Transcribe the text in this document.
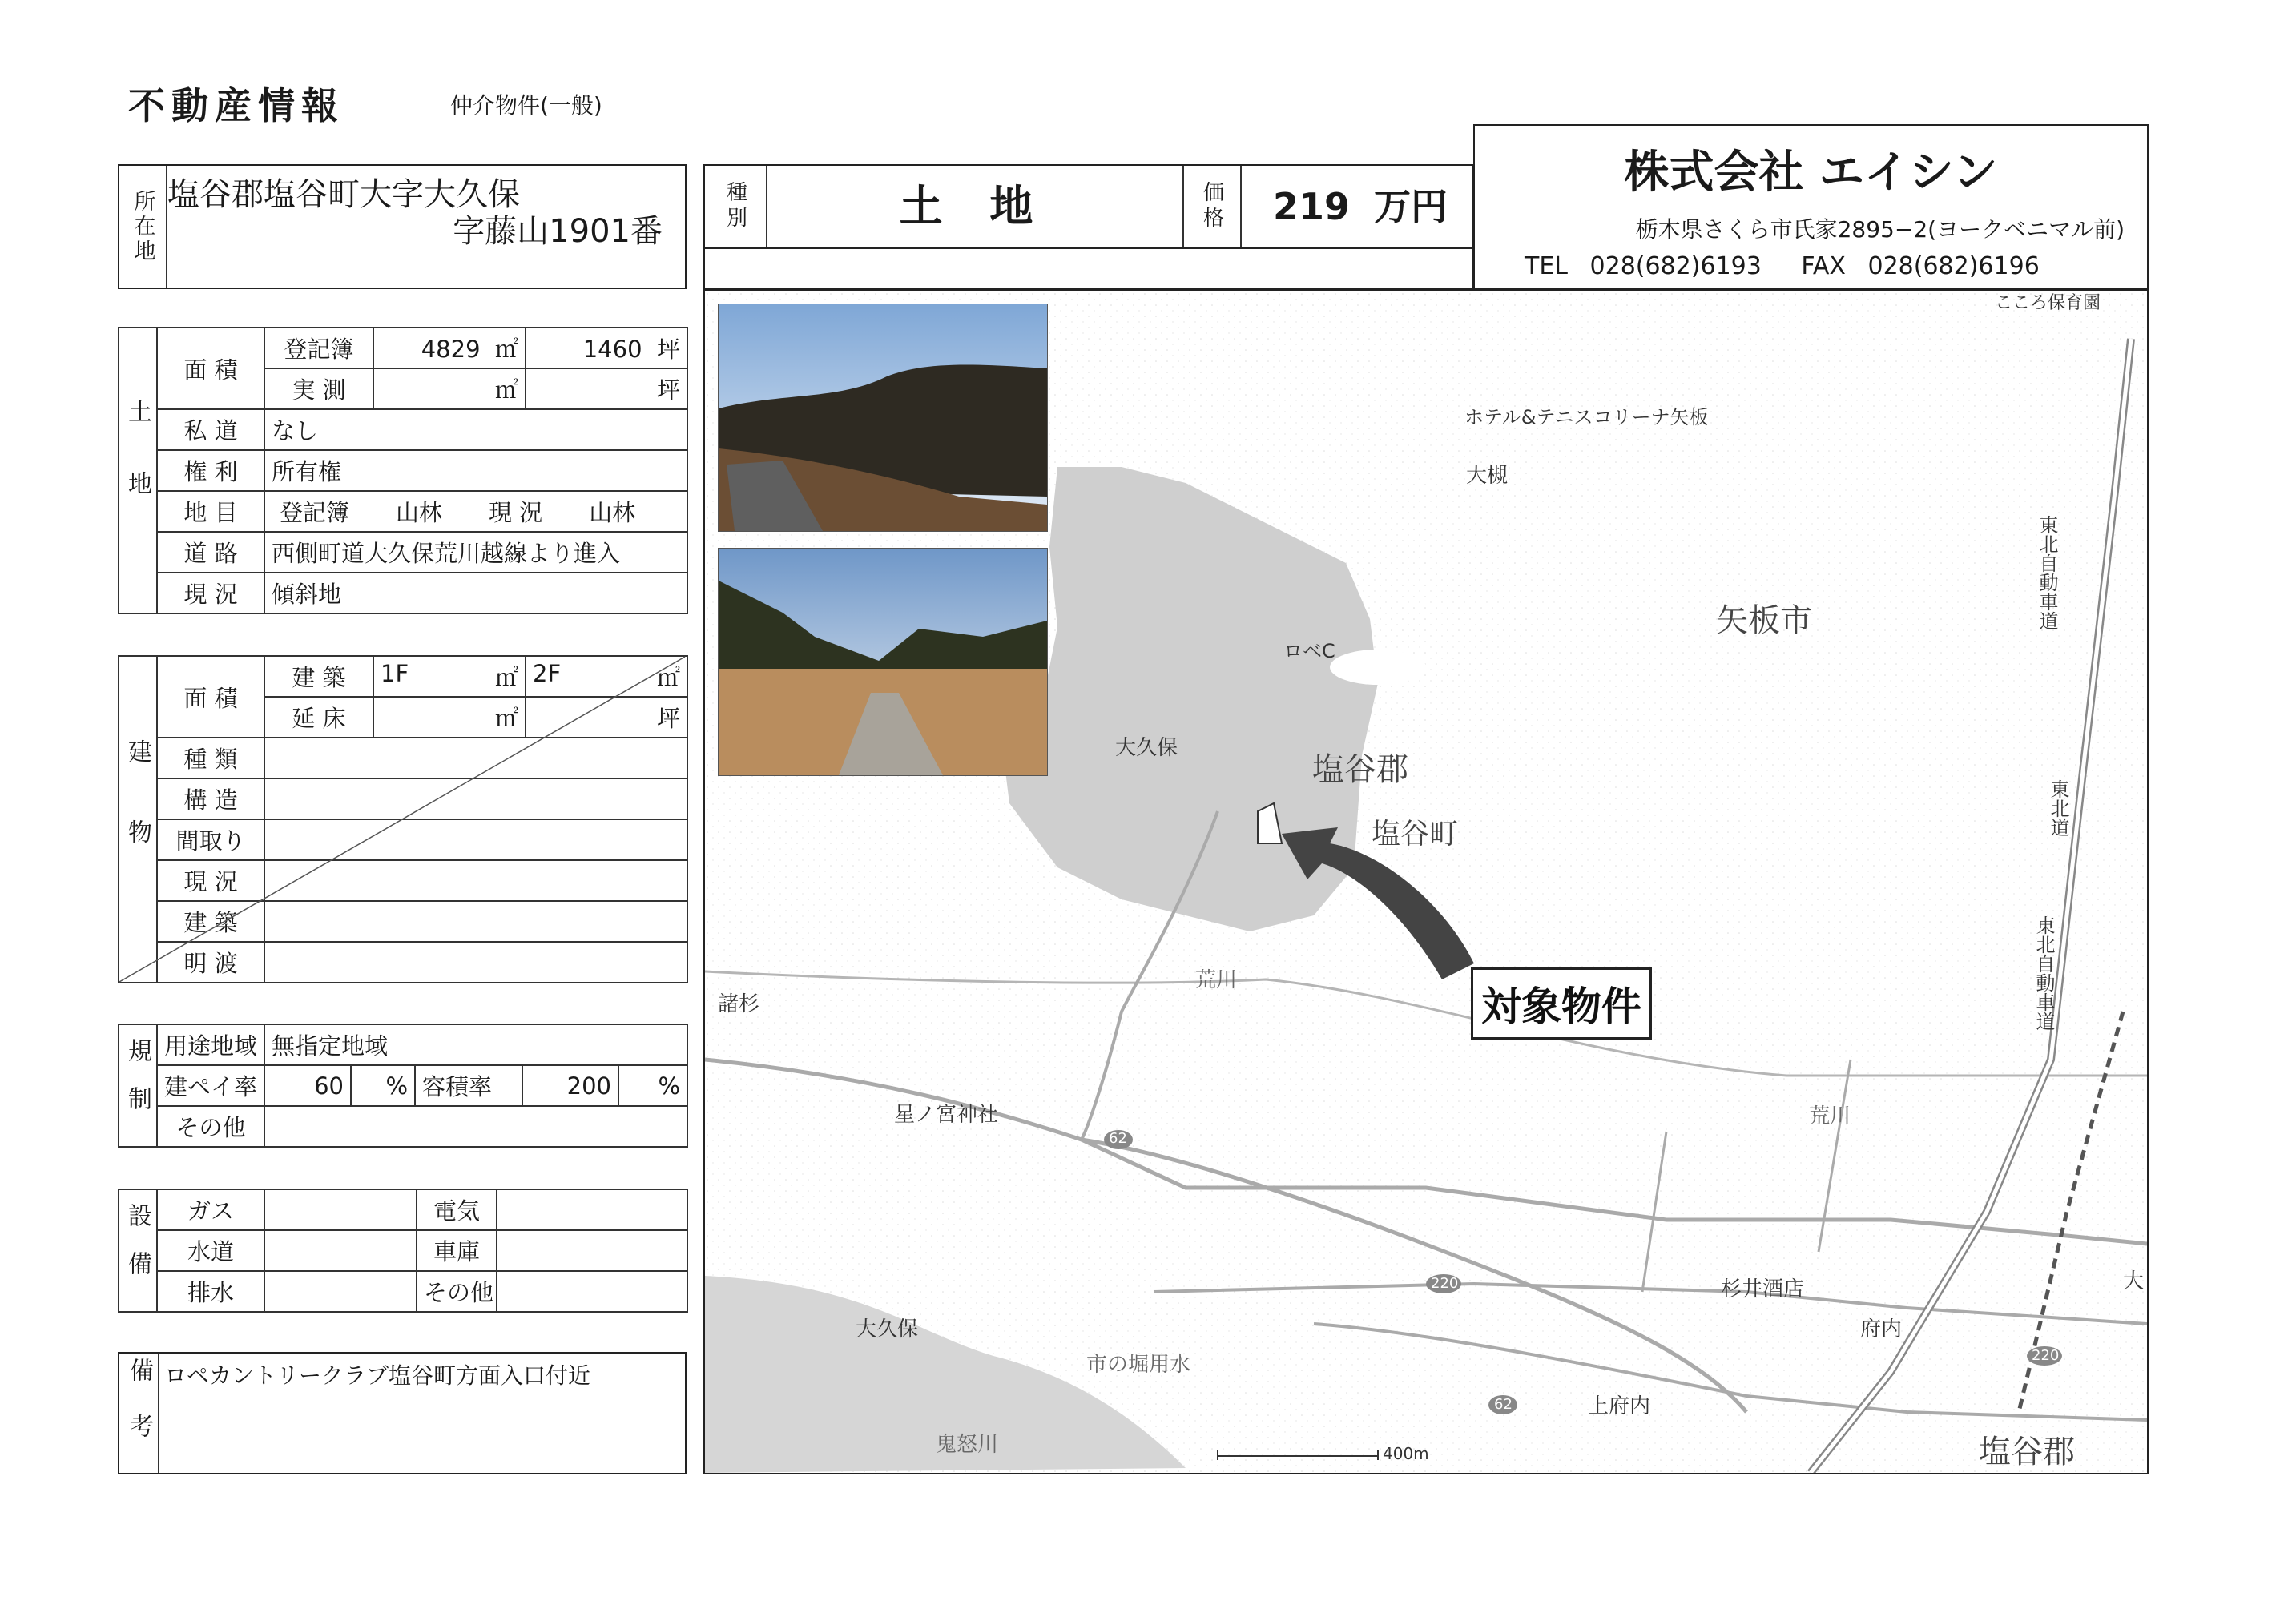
不動産情報	仲介物件(一般)
所在地 塩谷郡塩谷町大字大久保
字藤山1901番	種別	土 地	価格	219 万円
株式会社 エイシン
栃木県さくら市氏家2895−2(ヨークベニマル前)
TEL 028(682)6193 FAX 028(682)6196
土地	面 積	登記簿	4829 ㎡	1460 坪
		実 測	㎡	坪
	私 道	なし		
	権 利	所有権		
	地 目	登記簿　　山林　　現 況　　山林		
	道 路	西側町道大久保荒川越線より進入		
	現 況	傾斜地		
建物	面 積	建 築	1F ㎡	2F ㎡

		延 床	㎡	坪
	種 類			
	構 造			
	間取り			
	現 況			
	建 築			
	明 渡			
規制	用途地域	無指定地域				
	建ペイ率	60	%	容積率	200	%
	その他					
設備	ガス		電気	
	水道		車庫	
	排水		その他	
備考 ロペカントリークラブ塩谷町方面入口付近
こころ保育園
ホテル&テニスコリーナ矢板
大槻
矢板市
ロベC
大久保
塩谷郡
塩谷町
対象物件
荒川
諸杉
星ノ宮神社
62
220
荒川
杉井酒店
大久保
市の堀用水
府内
上府内
62
220
鬼怒川	塩谷郡
400m
東北自動車道
東北道
東北自動車道
大
